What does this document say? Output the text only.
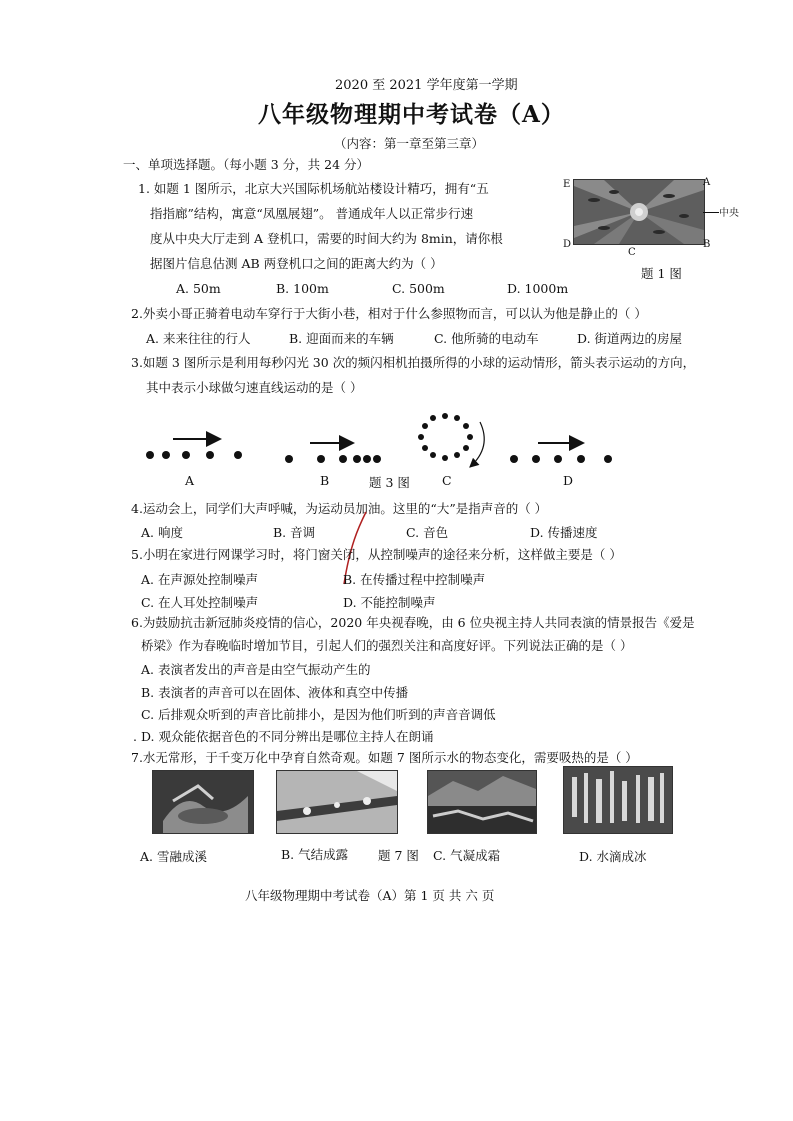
2020 至 2021 学年度第一学期
八年级物理期中考试卷（A）
（内容：第一章至第三章）
一、单项选择题。（每小题 3 分，共 24 分）
1. 如题 1 图所示，北京大兴国际机场航站楼设计精巧，拥有“五
指指廊”结构，寓意“凤凰展翅”。 普通成年人以正常步行速
度从中央大厅走到 A 登机口，需要的时间大约为 8min，请你根
据图片信息估测 AB 两登机口之间的距离大约为（ ）
A. 50m	B. 100m	C. 500m	D. 1000m
E	A
中央
D	B
C
题 1 图
2.外卖小哥正骑着电动车穿行于大街小巷，相对于什么参照物而言，可以认为他是静止的（ ）
A. 来来往往的行人	B. 迎面而来的车辆	C. 他所骑的电动车	D. 街道两边的房屋
3.如题 3 图所示是利用每秒闪光 30 次的频闪相机拍摄所得的小球的运动情形，箭头表示运动的方向，
其中表示小球做匀速直线运动的是（ ）
A	B	题 3 图	C	D
4.运动会上，同学们大声呼喊，为运动员加油。这里的“大”是指声音的（ ）
A. 响度	B. 音调	C. 音色	D. 传播速度
5.小明在家进行网课学习时，将门窗关闭，从控制噪声的途径来分析，这样做主要是（ ）
A. 在声源处控制噪声	B. 在传播过程中控制噪声
C. 在人耳处控制噪声	D. 不能控制噪声
6.为鼓励抗击新冠肺炎疫情的信心，2020 年央视春晚，由 6 位央视主持人共同表演的情景报告《爱是
桥梁》作为春晚临时增加节目，引起人们的强烈关注和高度好评。下列说法正确的是（ ）
A. 表演者发出的声音是由空气振动产生的
B. 表演者的声音可以在固体、液体和真空中传播
C. 后排观众听到的声音比前排小，是因为他们听到的声音音调低
. D. 观众能依据音色的不同分辨出是哪位主持人在朗诵
7.水无常形，于千变万化中孕育自然奇观。如题 7 图所示水的物态变化，需要吸热的是（ ）
A. 雪融成溪	B. 气结成露 题 7 图 C. 气凝成霜	D. 水滴成冰
八年级物理期中考试卷（A）第 1 页 共 六 页
